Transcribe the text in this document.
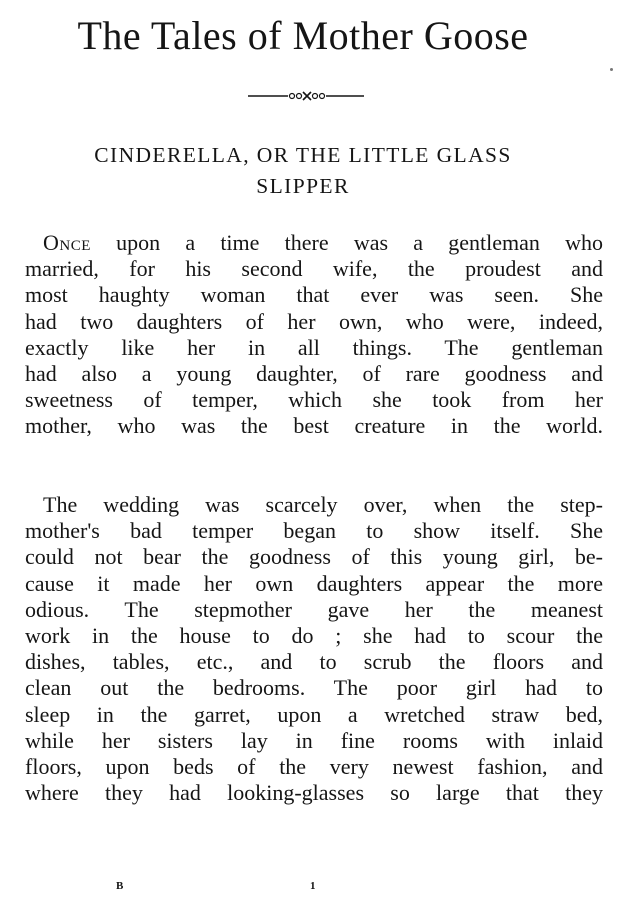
The Tales of Mother Goose
CINDERELLA, OR THE LITTLE GLASS
SLIPPER
Once upon a time there was a gentleman who
married, for his second wife, the proudest and
most haughty woman that ever was seen. She
had two daughters of her own, who were, indeed,
exactly like her in all things. The gentleman
had also a young daughter, of rare goodness and
sweetness of temper, which she took from her
mother, who was the best creature in the world.
The wedding was scarcely over, when the step-
mother's bad temper began to show itself. She
could not bear the goodness of this young girl, be-
cause it made her own daughters appear the more
odious. The stepmother gave her the meanest
work in the house to do ; she had to scour the
dishes, tables, etc., and to scrub the floors and
clean out the bedrooms. The poor girl had to
sleep in the garret, upon a wretched straw bed,
while her sisters lay in fine rooms with inlaid
floors, upon beds of the very newest fashion, and
where they had looking-glasses so large that they
B	1
